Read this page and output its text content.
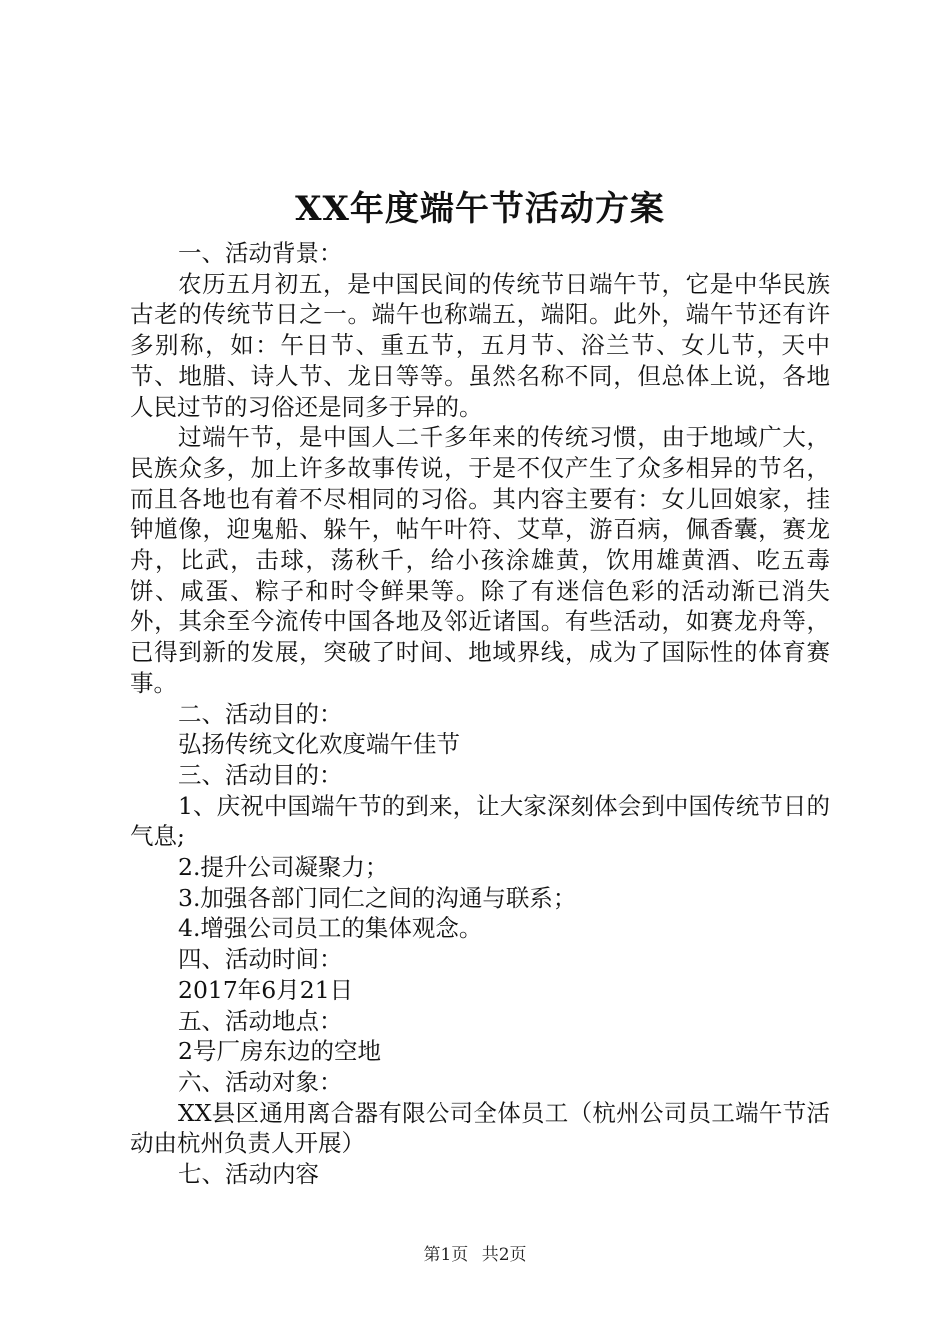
XX年度端午节活动方案

一、活动背景：

农历五月初五，是中国民间的传统节日端午节，它是中华民族古老的传统节日之一。端午也称端五，端阳。此外，端午节还有许多别称，如：午日节、重五节，五月节、浴兰节、女儿节，天中节、地腊、诗人节、龙日等等。虽然名称不同，但总体上说，各地人民过节的习俗还是同多于异的。

过端午节，是中国人二千多年来的传统习惯，由于地域广大，民族众多，加上许多故事传说，于是不仅产生了众多相异的节名，而且各地也有着不尽相同的习俗。其内容主要有：女儿回娘家，挂钟馗像，迎鬼船、躲午，帖午叶符、艾草，游百病，佩香囊，赛龙舟，比武，击球，荡秋千，给小孩涂雄黄，饮用雄黄酒、吃五毒饼、咸蛋、粽子和时令鲜果等。除了有迷信色彩的活动渐已消失外，其余至今流传中国各地及邻近诸国。有些活动，如赛龙舟等，已得到新的发展，突破了时间、地域界线，成为了国际性的体育赛事。

二、活动目的：

弘扬传统文化欢度端午佳节

三、活动目的：

1、庆祝中国端午节的到来，让大家深刻体会到中国传统节日的气息;

2.提升公司凝聚力；

3.加强各部门同仁之间的沟通与联系；

4.增强公司员工的集体观念。

四、活动时间：

2017年6月21日

五、活动地点：

2号厂房东边的空地

六、活动对象：

XX县区通用离合器有限公司全体员工（杭州公司员工端午节活动由杭州负责人开展）

七、活动内容

第1页 共2页
